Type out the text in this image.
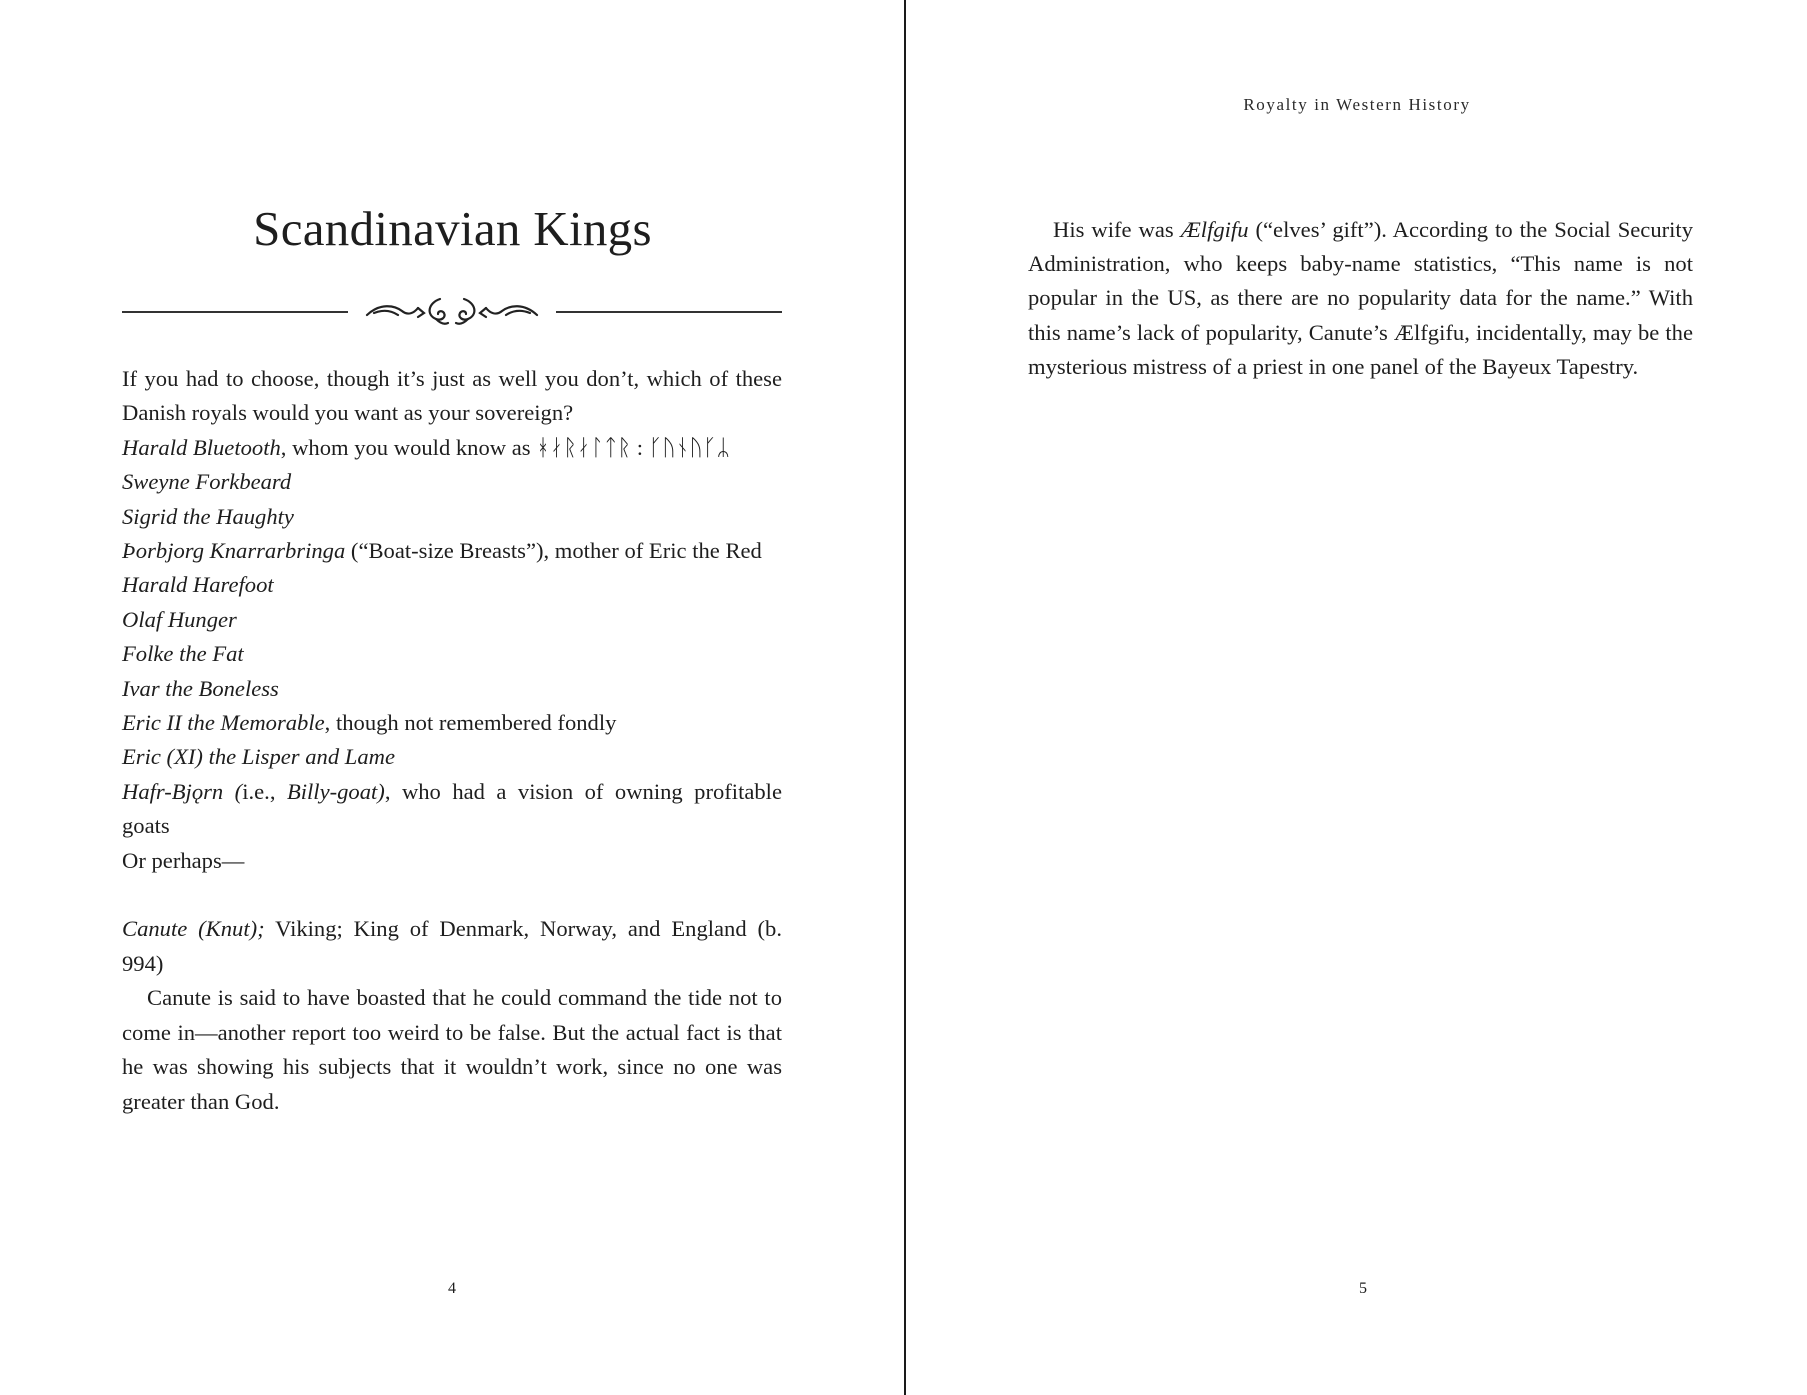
Scandinavian Kings

If you had to choose, though it’s just as well you don’t, which of these Danish royals would you want as your sovereign?

Harald Bluetooth, whom you would know as ᚼᛅᚱᛅᛚᛏᚱ : ᚴᚢᚾᚢᚴᛦ

Sweyne Forkbeard

Sigrid the Haughty

Þorbjorg Knarrarbringa (“Boat-size Breasts”), mother of Eric the Red

Harald Harefoot

Olaf Hunger

Folke the Fat

Ivar the Boneless

Eric II the Memorable, though not remembered fondly

Eric (XI) the Lisper and Lame

Hafr-Bjǫrn (i.e., Billy-goat), who had a vision of owning profitable goats

Or perhaps—

Canute (Knut); Viking; King of Denmark, Norway, and England (b. 994)

Canute is said to have boasted that he could command the tide not to come in—another report too weird to be false. But the actual fact is that he was showing his subjects that it wouldn’t work, since no one was greater than God.

4
Royalty in Western History

His wife was Ælfgifu (“elves’ gift”). According to the Social Security Administration, who keeps baby-name statistics, “This name is not popular in the US, as there are no popularity data for the name.” With this name’s lack of popularity, Canute’s Ælfgifu, incidentally, may be the mysterious mistress of a priest in one panel of the Bayeux Tapestry.

5
